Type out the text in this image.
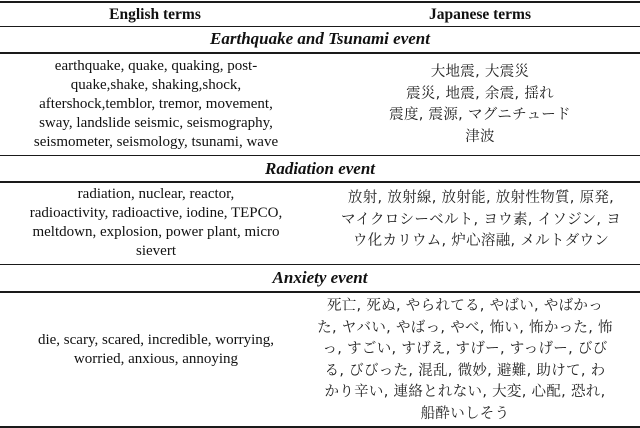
English terms	Japanese terms
Earthquake and Tsunami event
earthquake, quake, quaking, post-
quake,shake, shaking,shock,
aftershock,temblor, tremor, movement,
sway, landslide seismic, seismography,
seismometer, seismology, tsunami, wave
大地震, 大震災
震災, 地震, 余震, 揺れ
震度, 震源, マグニチュード
津波
Radiation event
radiation, nuclear, reactor,
radioactivity, radioactive, iodine, TEPCO,
meltdown, explosion, power plant, micro
sievert
放射, 放射線, 放射能, 放射性物質, 原発,
マイクロシーベルト, ヨウ素, イソジン, ヨ
ウ化カリウム, 炉心溶融, メルトダウン
Anxiety event
die, scary, scared, incredible, worrying,
worried, anxious, annoying
死亡, 死ぬ, やられてる, やばい, やばかっ
た, ヤバい, やばっ, やべ, 怖い, 怖かった, 怖
っ, すごい, すげえ, すげー, すっげー, びび
る, びびった, 混乱, 微妙, 避難, 助けて, わ
かり辛い, 連絡とれない, 大変, 心配, 恐れ,
船酔いしそう
